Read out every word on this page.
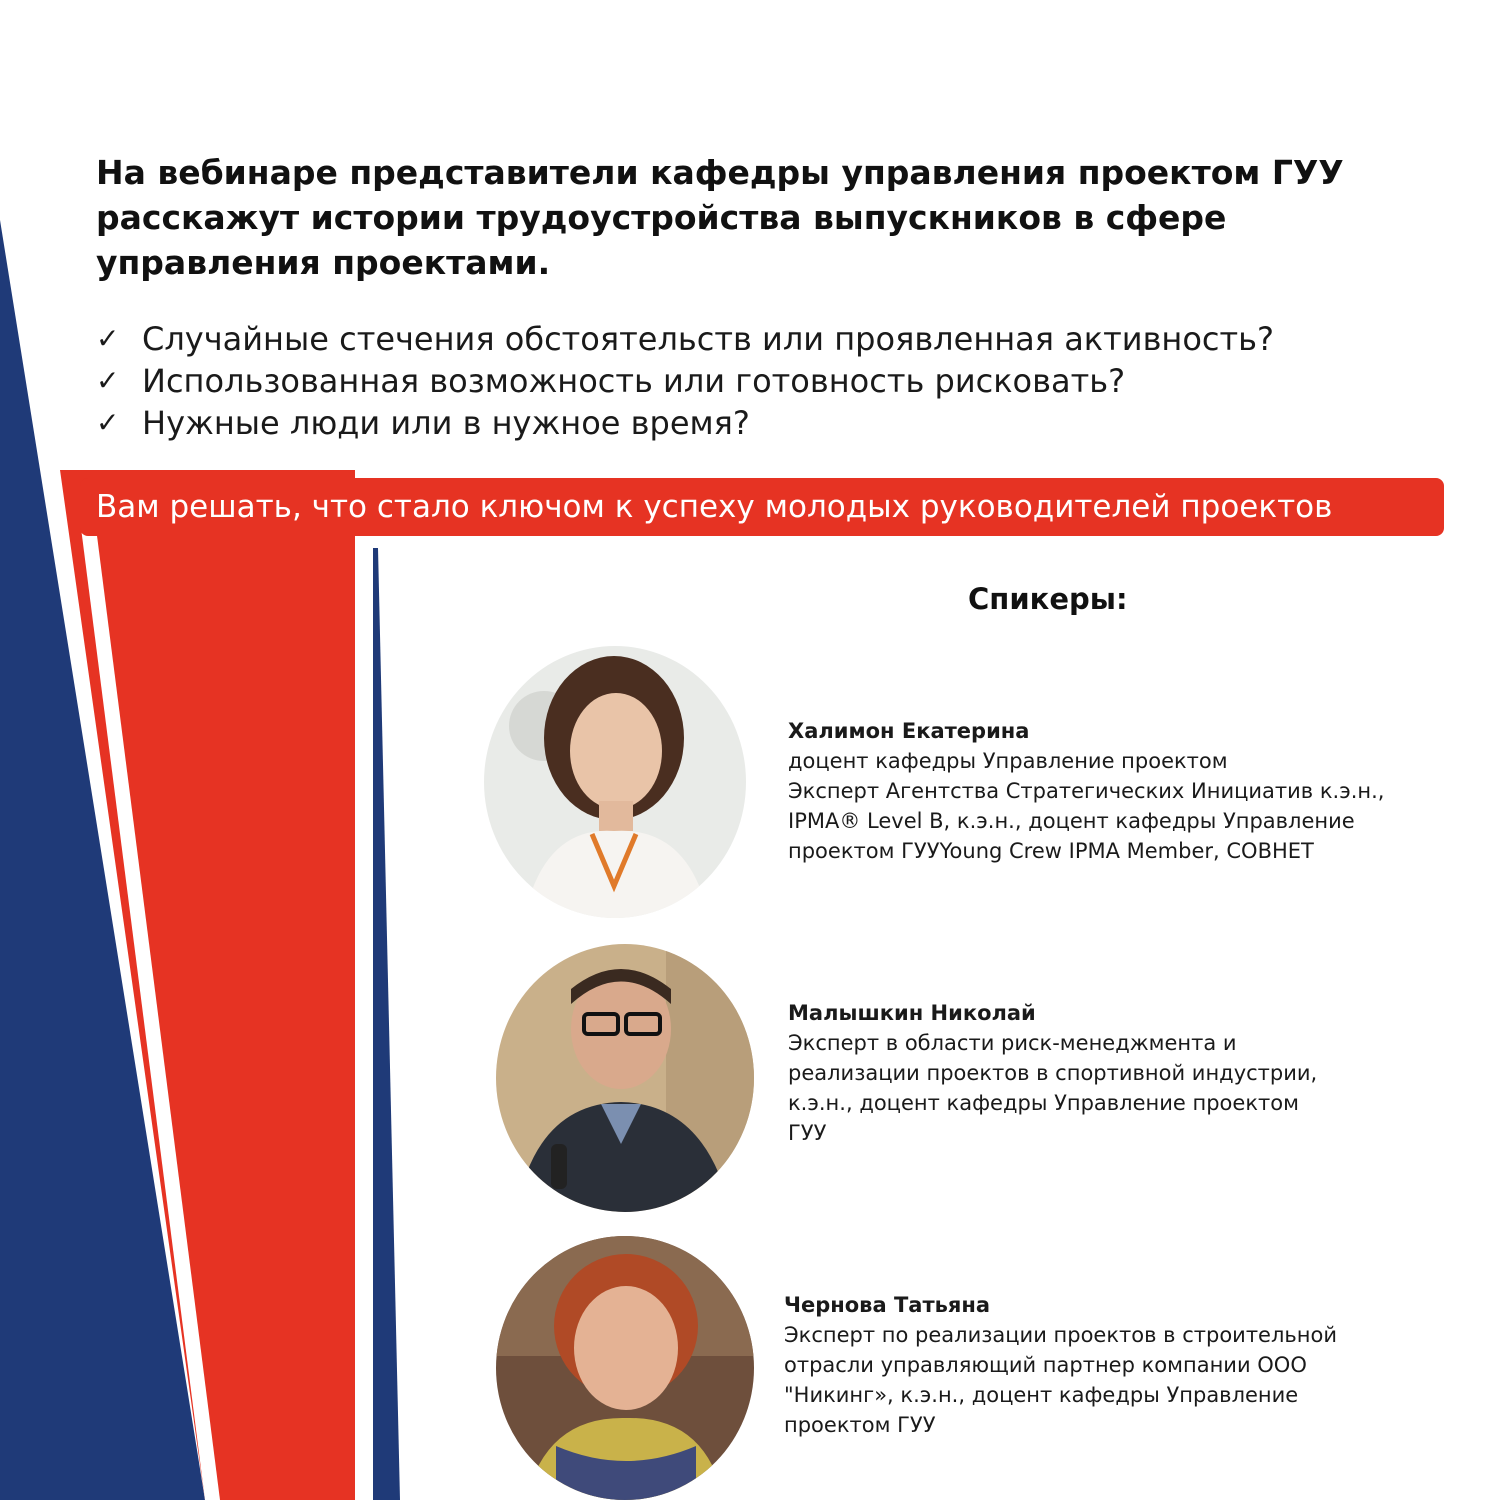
На вебинаре представители кафедры управления проектом ГУУ расскажут истории трудоустройства выпускников в сфере управления проектами.

✓ Случайные стечения обстоятельств или проявленная активность?
✓ Использованная возможность или готовность рисковать?
✓ Нужные люди или в нужное время?
Вам решать, что стало ключом к успеху молодых руководителей проектов
Спикеры:
Халимон Екатерина
доцент кафедры Управление проектом
Эксперт Агентства Стратегических Инициатив к.э.н.,
IPMA® Level B, к.э.н., доцент кафедры Управление
проектом ГУУYoung Crew IPMA Member, СОВНЕТ
Малышкин Николай
Эксперт в области риск-менеджмента и
реализации проектов в спортивной индустрии,
к.э.н., доцент кафедры Управление проектом
ГУУ
Чернова Татьяна
Эксперт по реализации проектов в строительной
отрасли управляющий партнер компании ООО
"Никинг», к.э.н., доцент кафедры Управление
проектом ГУУ
